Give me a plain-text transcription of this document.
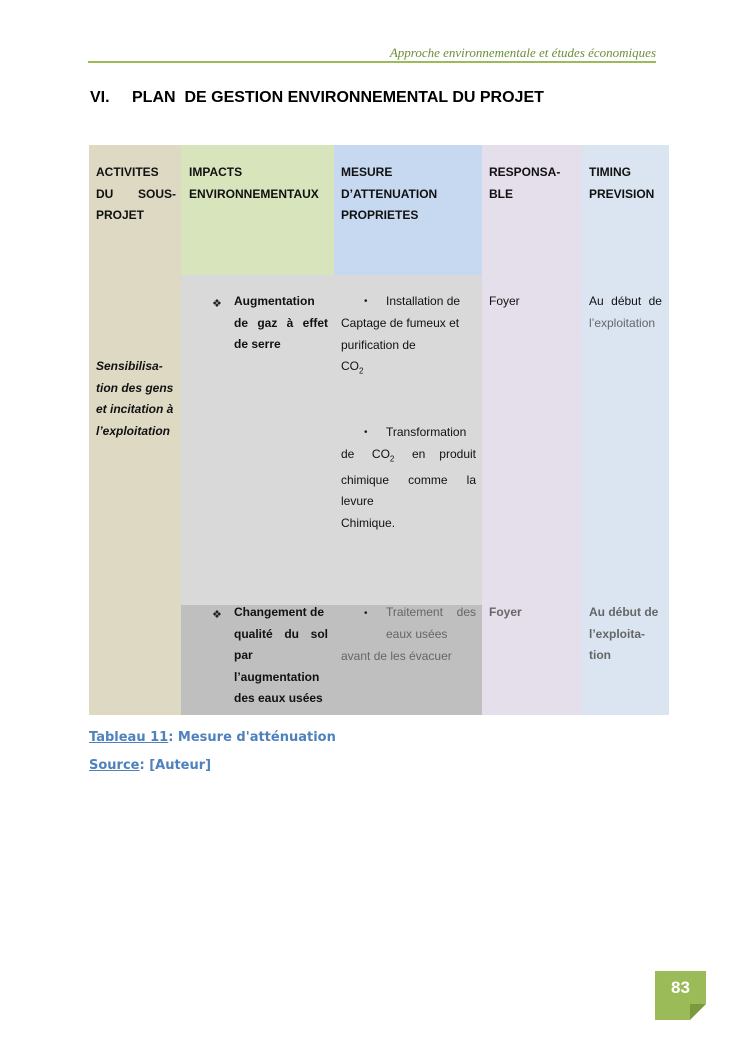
Approche environnementale et études économiques
VI. PLAN  DE GESTION ENVIRONNEMENTAL DU PROJET
ACTIVITES
DU SOUS-
PROJET
IMPACTS
ENVIRONNEMENTAUX
MESURE
D’ATTENUATION
PROPRIETES
RESPONSA-
BLE
TIMING
PREVISION
Sensibilisa-
tion des gens
et incitation à
l’exploitation
❖ Augmentation
de gaz à effet
de serre
• Installation de
Captage de fumeux et
purification de
$CO_2$
• Transformation
de $CO_2$ en produit
chimique comme la
levure
Chimique.
Foyer	Au début de
l’exploitation
❖ Changement de
qualité du sol
par
l’augmentation
des eaux usées
• Traitement des
eaux usées
avant de les évacuer
Foyer	Au début de
l’exploita-
tion
Tableau 11: Mesure d'atténuation
Source: [Auteur]
83
